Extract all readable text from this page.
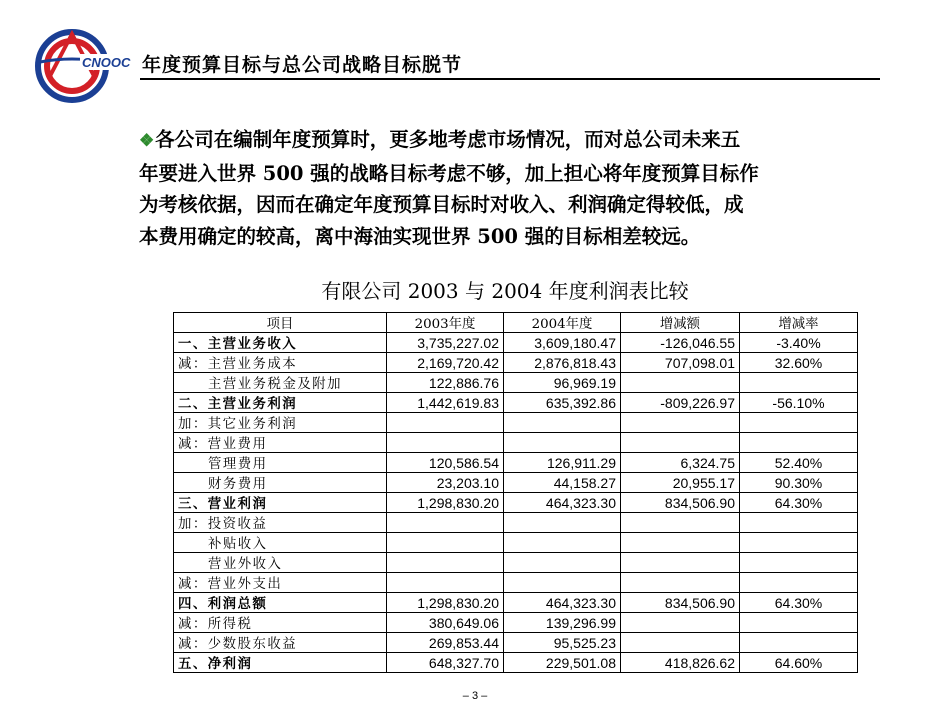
CNOOC 年度预算目标与总公司战略目标脱节
❖各公司在编制年度预算时，更多地考虑市场情况，而对总公司未来五
年要进入世界 500 强的战略目标考虑不够，加上担心将年度预算目标作
为考核依据，因而在确定年度预算目标时对收入、利润确定得较低，成
本费用确定的较高，离中海油实现世界 500 强的目标相差较远。
有限公司 2003 与 2004 年度利润表比较
项目	2003年度	2004年度	增减额	增减率
一、主营业务收入	3,735,227.02	3,609,180.47	-126,046.55	-3.40%
减：主营业务成本	2,169,720.42	2,876,818.43	707,098.01	32.60%
主营业务税金及附加	122,886.76	96,969.19		
二、主营业务利润	1,442,619.83	635,392.86	-809,226.97	-56.10%
加：其它业务利润				
减：营业费用				
管理费用	120,586.54	126,911.29	6,324.75	52.40%
财务费用	23,203.10	44,158.27	20,955.17	90.30%
三、营业利润	1,298,830.20	464,323.30	834,506.90	64.30%
加：投资收益				
补贴收入				
营业外收入				
减：营业外支出				
四、利润总额	1,298,830.20	464,323.30	834,506.90	64.30%
减：所得税	380,649.06	139,296.99		
减：少数股东收益	269,853.44	95,525.23		
五、净利润	648,327.70	229,501.08	418,826.62	64.60%
– 3 –
